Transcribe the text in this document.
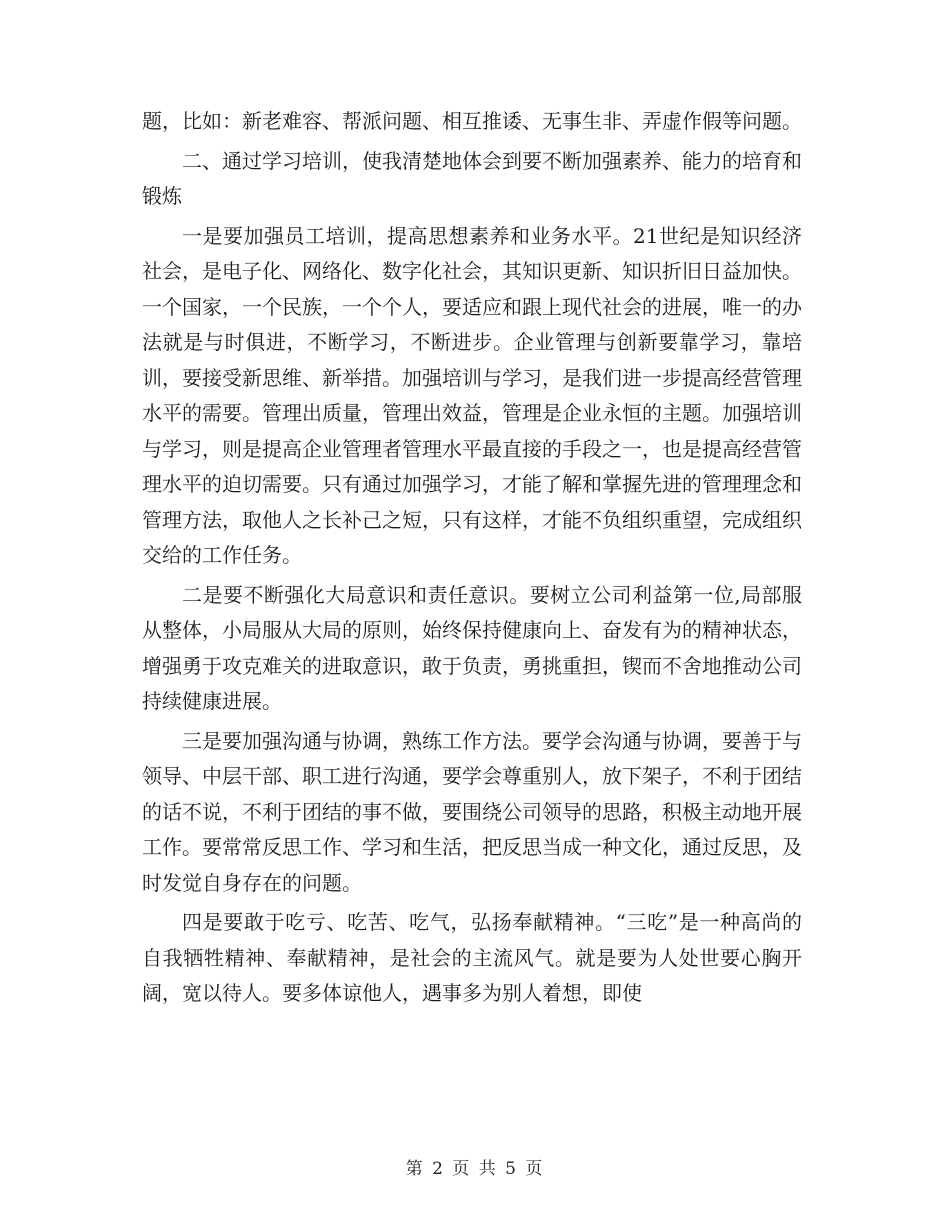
题，比如：新老难容、帮派问题、相互推诿、无事生非、弄虚作假等问题。

二、通过学习培训，使我清楚地体会到要不断加强素养、能力的培育和锻炼

一是要加强员工培训，提高思想素养和业务水平。21世纪是知识经济社会，是电子化、网络化、数字化社会，其知识更新、知识折旧日益加快。一个国家，一个民族，一个个人，要适应和跟上现代社会的进展，唯一的办法就是与时俱进，不断学习，不断进步。企业管理与创新要靠学习，靠培训，要接受新思维、新举措。加强培训与学习，是我们进一步提高经营管理水平的需要。管理出质量，管理出效益，管理是企业永恒的主题。加强培训与学习，则是提高企业管理者管理水平最直接的手段之一，也是提高经营管理水平的迫切需要。只有通过加强学习，才能了解和掌握先进的管理理念和管理方法，取他人之长补己之短，只有这样，才能不负组织重望，完成组织交给的工作任务。

二是要不断强化大局意识和责任意识。要树立公司利益第一位,局部服从整体，小局服从大局的原则，始终保持健康向上、奋发有为的精神状态，增强勇于攻克难关的进取意识，敢于负责，勇挑重担，锲而不舍地推动公司持续健康进展。

三是要加强沟通与协调，熟练工作方法。要学会沟通与协调，要善于与领导、中层干部、职工进行沟通，要学会尊重别人，放下架子，不利于团结的话不说，不利于团结的事不做，要围绕公司领导的思路，积极主动地开展工作。要常常反思工作、学习和生活，把反思当成一种文化，通过反思，及时发觉自身存在的问题。

四是要敢于吃亏、吃苦、吃气，弘扬奉献精神。“三吃”是一种高尚的自我牺牲精神、奉献精神，是社会的主流风气。就是要为人处世要心胸开阔，宽以待人。要多体谅他人，遇事多为别人着想，即使

第 2 页 共 5 页
